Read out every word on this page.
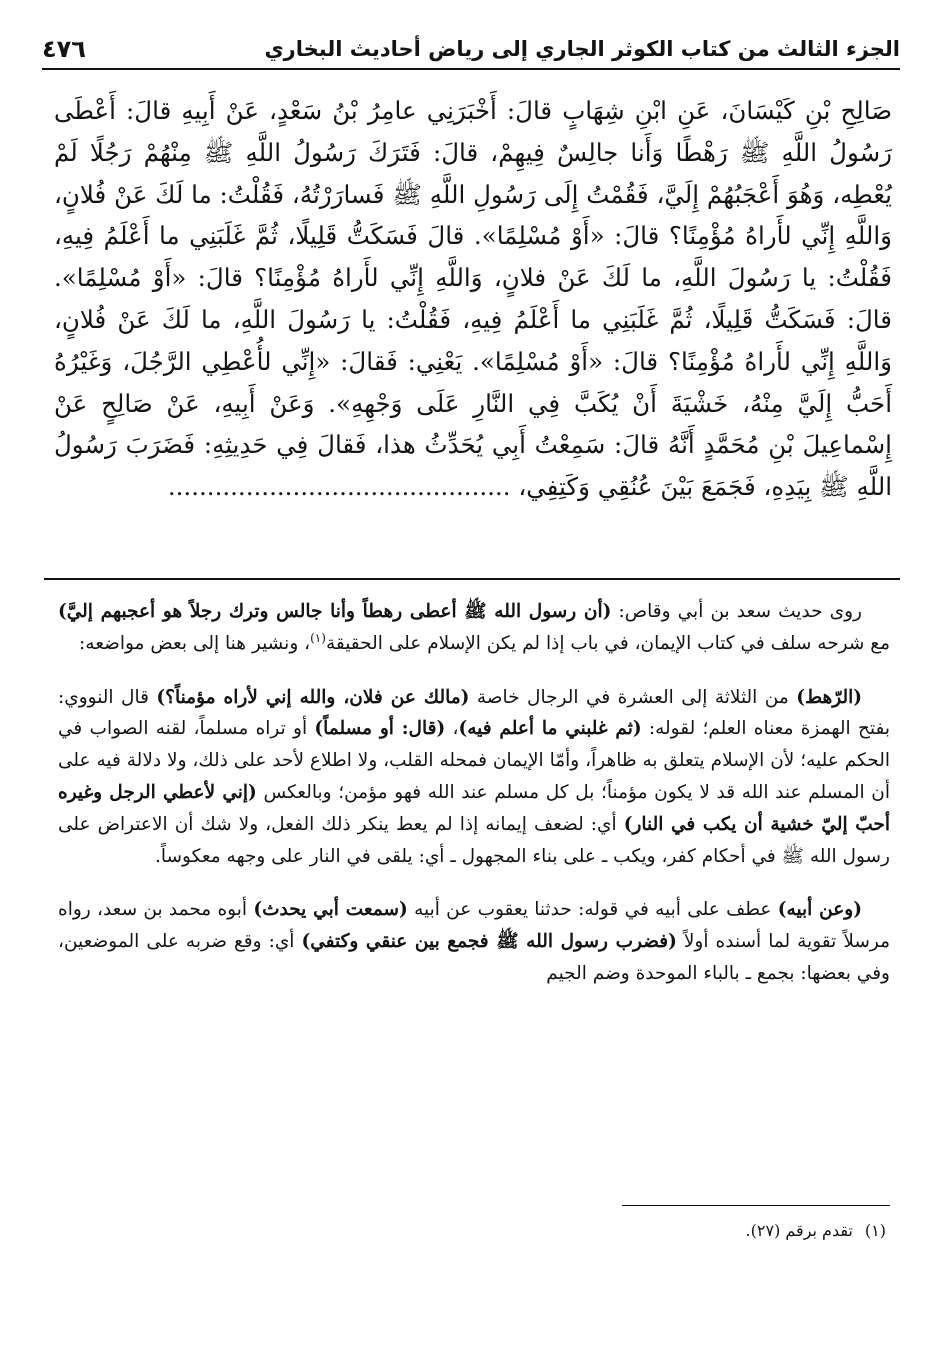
الجزء الثالث من كتاب الكوثر الجاري إلى رياض أحاديث البخاري
٤٧٦
صَالِحِ بْنِ كَيْسَانَ، عَنِ ابْنِ شِهَابٍ قالَ: أَخْبَرَنِي عامِرُ بْنُ سَعْدٍ، عَنْ أَبِيهِ قالَ: أَعْطَى رَسُولُ اللَّهِ ﷺ رَهْطًا وَأَنا جالِسٌ فِيهِمْ، قالَ: فَتَرَكَ رَسُولُ اللَّهِ ﷺ مِنْهُمْ رَجُلًا لَمْ يُعْطِه، وَهُوَ أَعْجَبُهُمْ إِلَيَّ، فَقُمْتُ إِلَى رَسُولِ اللَّهِ ﷺ فَسارَرْتُهُ، فَقُلْتُ: ما لَكَ عَنْ فُلانٍ، وَاللَّهِ إِنِّي لأَراهُ مُؤْمِنًا؟ قالَ: «أَوْ مُسْلِمًا». قالَ فَسَكَتُّ قَلِيلًا، ثُمَّ غَلَبَنِي ما أَعْلَمُ فِيهِ، فَقُلْتُ: يا رَسُولَ اللَّهِ، ما لَكَ عَنْ فلانٍ، وَاللَّهِ إِنِّي لأَراهُ مُؤْمِنًا؟ قالَ: «أَوْ مُسْلِمًا». قالَ: فَسَكَتُّ قَلِيلًا، ثُمَّ غَلَبَنِي ما أَعْلَمُ فِيهِ، فَقُلْتُ: يا رَسُولَ اللَّهِ، ما لَكَ عَنْ فُلانٍ، وَاللَّهِ إِنِّي لأَراهُ مُؤْمِنًا؟ قالَ: «أَوْ مُسْلِمًا». يَعْنِي: فَقالَ: «إِنِّي لأُعْطِي الرَّجُلَ، وَغَيْرُهُ أَحَبُّ إِلَيَّ مِنْهُ، خَشْيَةَ أَنْ يُكَبَّ فِي النَّارِ عَلَى وَجْهِهِ». وَعَنْ أَبِيهِ، عَنْ صَالِحٍ عَنْ إِسْماعِيلَ بْنِ مُحَمَّدٍ أَنَّهُ قالَ: سَمِعْتُ أَبِي يُحَدِّثُ هذا، فَقالَ فِي حَدِيثِهِ: فَضَرَبَ رَسُولُ اللَّهِ ﷺ بِيَدِهِ، فَجَمَعَ بَيْنَ عُنُقِي وَكَتِفِي، ............................................

روى حديث سعد بن أبي وقاص: (أن رسول الله ﷺ أعطى رهطاً وأنا جالس وترك رجلاً هو أعجبهم إليَّ) مع شرحه سلف في كتاب الإيمان، في باب إذا لم يكن الإسلام على الحقيقة$^{(١)}$، ونشير هنا إلى بعض مواضعه:

(الرّهط) من الثلاثة إلى العشرة في الرجال خاصة (مالك عن فلان، والله إني لأراه مؤمناً؟) قال النووي: بفتح الهمزة معناه العلم؛ لقوله: (ثم غلبني ما أعلم فيه)، (قال: أو مسلماً) أو تراه مسلماً، لقنه الصواب في الحكم عليه؛ لأن الإسلام يتعلق به ظاهراً، وأمّا الإيمان فمحله القلب، ولا اطلاع لأحد على ذلك، ولا دلالة فيه على أن المسلم عند الله قد لا يكون مؤمناً؛ بل كل مسلم عند الله فهو مؤمن؛ وبالعكس (إني لأعطي الرجل وغيره أحبّ إليّ خشية أن يكب في النار) أي: لضعف إيمانه إذا لم يعط ينكر ذلك الفعل، ولا شك أن الاعتراض على رسول الله ﷺ في أحكام كفر، ويكب ـ على بناء المجهول ـ أي: يلقى في النار على وجهه معكوساً.

(وعن أبيه) عطف على أبيه في قوله: حدثنا يعقوب عن أبيه (سمعت أبي يحدث) أبوه محمد بن سعد، رواه مرسلاً تقوية لما أسنده أولاً (فضرب رسول الله ﷺ فجمع بين عنقي وكتفي) أي: وقع ضربه على الموضعين، وفي بعضها: بجمع ـ بالباء الموحدة وضم الجيم

(١)تقدم برقم (٢٧).
